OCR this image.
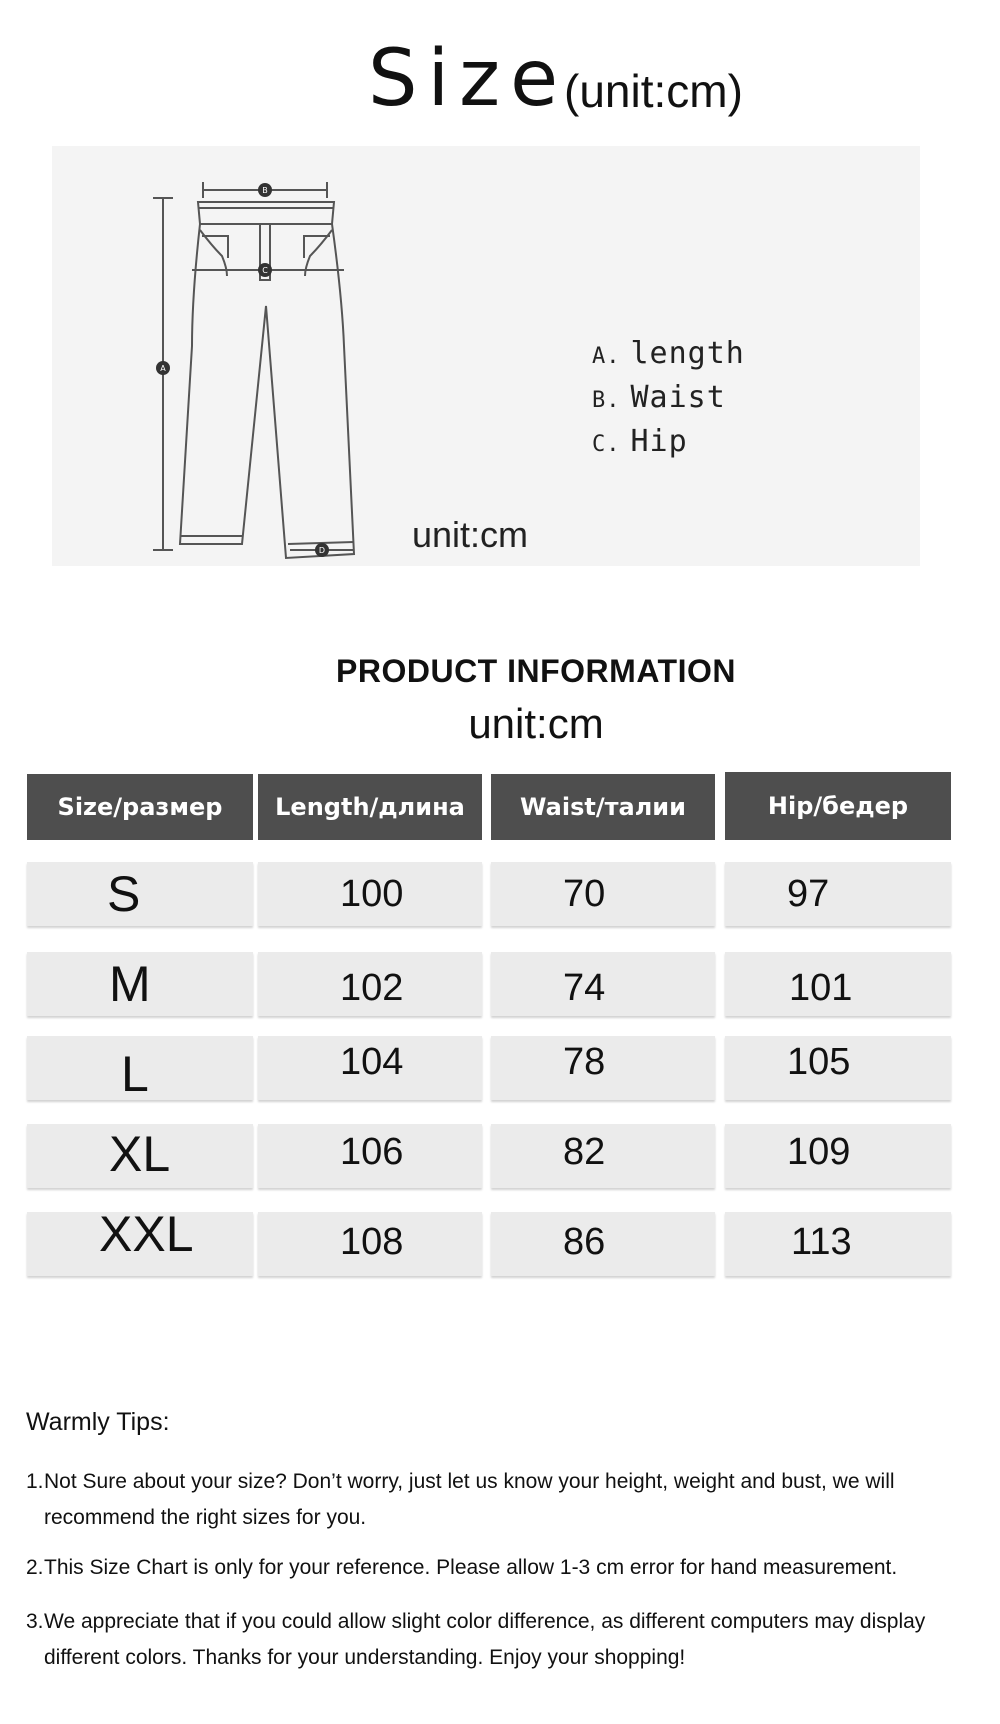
Size
(unit:cm)
A
B
C
D
A. length
B. Waist
C. Hip
unit:cm
PRODUCT INFORMATION
unit:cm
Size/размер	Length/длина	Waist/талии	Hip/бедер
S	100	70	97
M	102	74	101
L	104	78	105
XL	106	82	109
XXL	108	86	113
Warmly Tips:
1. Not Sure about your size? Don’t worry, just let us know your height, weight and bust, we will recommend the right sizes for you.
2. This Size Chart is only for your reference. Please allow 1-3 cm error for hand measurement.
3. We appreciate that if you could allow slight color difference, as different computers may display different colors. Thanks for your understanding. Enjoy your shopping!
